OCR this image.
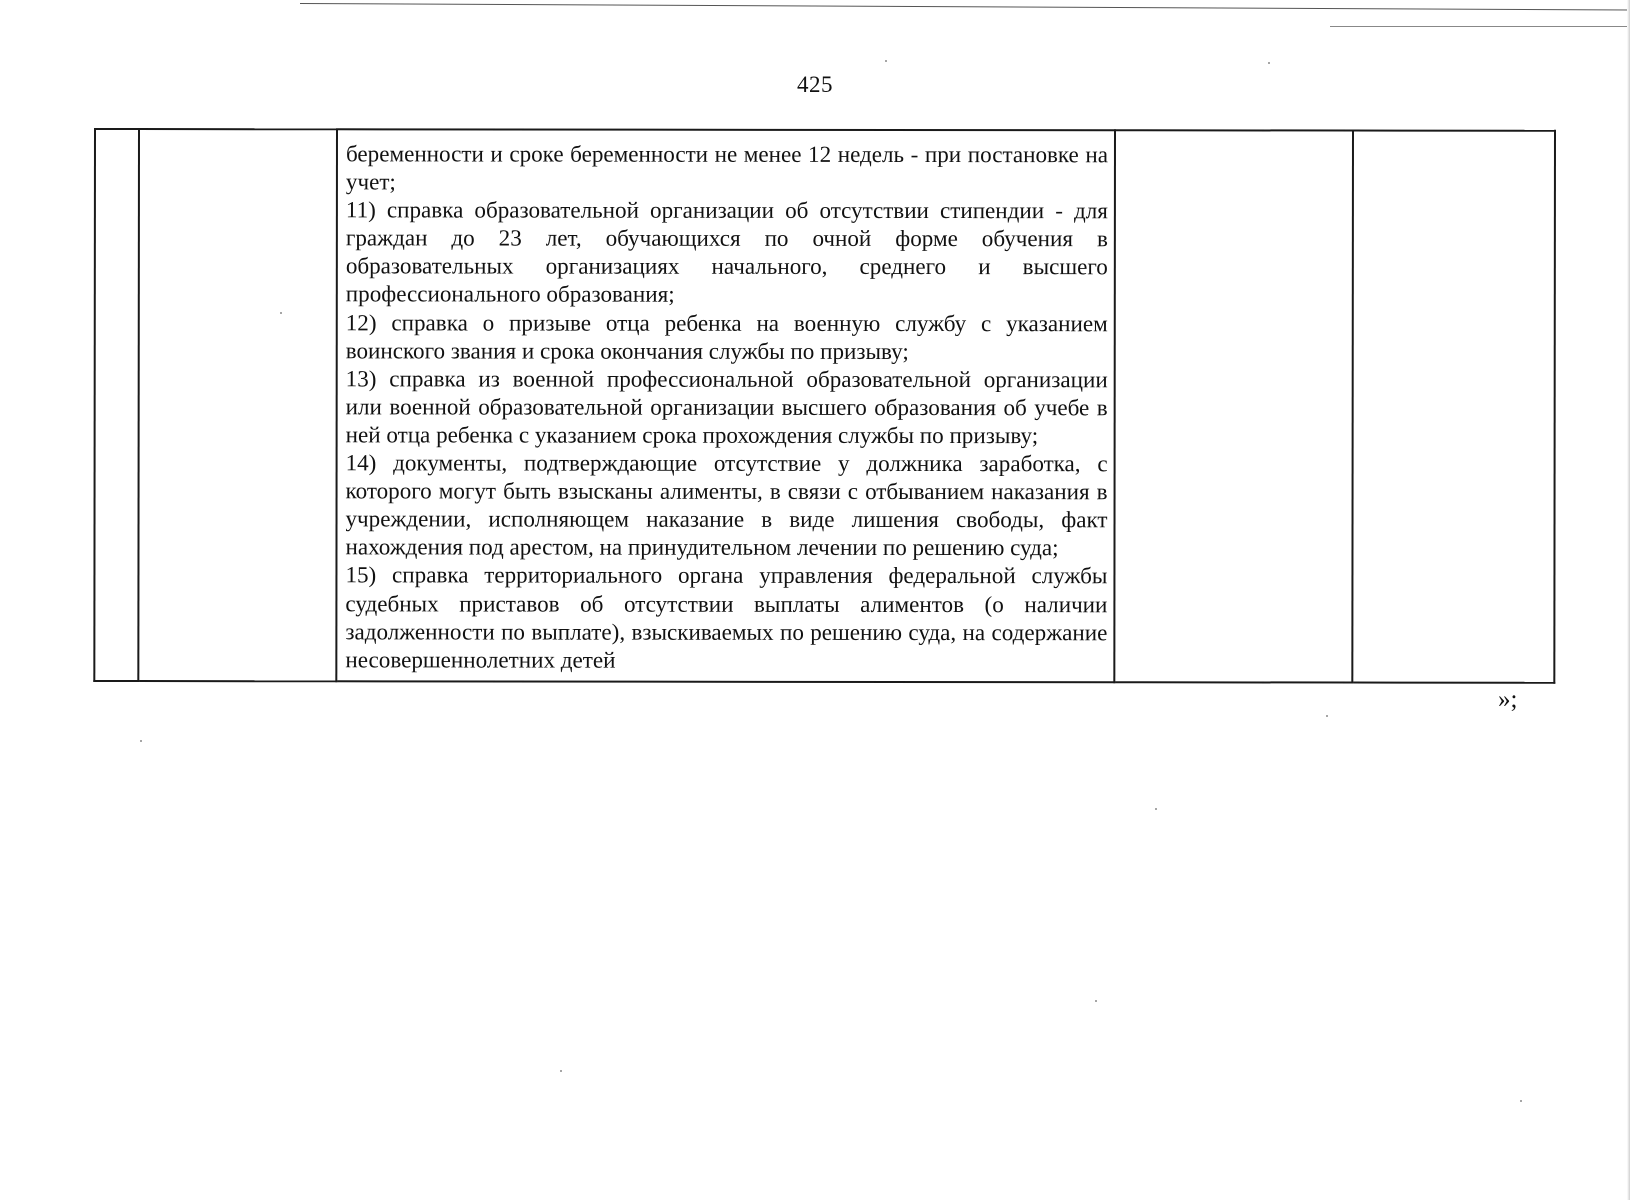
425

беременности и сроке беременности не менее 12 недель - при постановке на учет;

11) справка образовательной организации об отсутствии стипендии - для граждан до 23 лет, обучающихся по очной форме обучения в образовательных организациях начального, среднего и высшего профессионального образования;

12) справка о призыве отца ребенка на военную службу с указанием воинского звания и срока окончания службы по призыву;

13) справка из военной профессиональной образовательной организации или военной образовательной организации высшего образования об учебе в ней отца ребенка с указанием срока прохождения службы по призыву;

14) документы, подтверждающие отсутствие у должника заработка, с которого могут быть взысканы алименты, в связи с отбыванием наказания в учреждении, исполняющем наказание в виде лишения свободы, факт нахождения под арестом, на принудительном лечении по решению суда;

15) справка территориального органа управления федеральной службы судебных приставов об отсутствии выплаты алиментов (о наличии задолженности по выплате), взыскиваемых по решению суда, на содержание несовершеннолетних детей

»;
